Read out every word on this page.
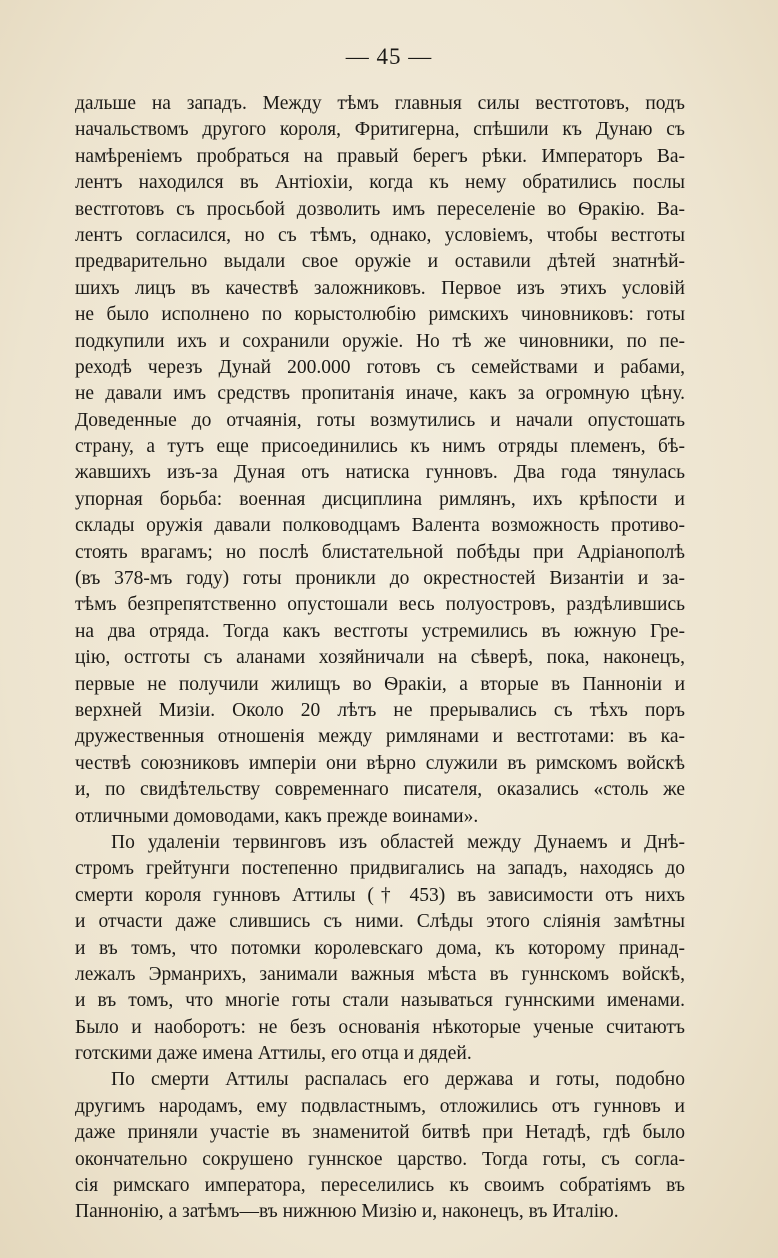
— 45 —
дальше на западъ. Между тѣмъ главныя силы вестготовъ, подъ
начальствомъ другого короля, Фритигерна, спѣшили къ Дунаю съ
намѣреніемъ пробраться на правый берегъ рѣки. Императоръ Ва-
лентъ находился въ Антіохіи, когда къ нему обратились послы
вестготовъ съ просьбой дозволить имъ переселеніе во Ѳракію. Ва-
лентъ согласился, но съ тѣмъ, однако, условіемъ, чтобы вестготы
предварительно выдали свое оружіе и оставили дѣтей знатнѣй-
шихъ лицъ въ качествѣ заложниковъ. Первое изъ этихъ условій
не было исполнено по корыстолюбію римскихъ чиновниковъ: готы
подкупили ихъ и сохранили оружіе. Но тѣ же чиновники, по пе-
реходѣ черезъ Дунай 200.000 готовъ съ семействами и рабами,
не давали имъ средствъ пропитанія иначе, какъ за огромную цѣну.
Доведенные до отчаянія, готы возмутились и начали опустошать
страну, а тутъ еще присоединились къ нимъ отряды племенъ, бѣ-
жавшихъ изъ-за Дуная отъ натиска гунновъ. Два года тянулась
упорная борьба: военная дисциплина римлянъ, ихъ крѣпости и
склады оружія давали полководцамъ Валента возможность противо-
стоять врагамъ; но послѣ блистательной побѣды при Адріанополѣ
(въ 378-мъ году) готы проникли до окрестностей Византіи и за-
тѣмъ безпрепятственно опустошали весь полуостровъ, раздѣлившись
на два отряда. Тогда какъ вестготы устремились въ южную Гре-
цію, остготы съ аланами хозяйничали на сѣверѣ, пока, наконецъ,
первые не получили жилищъ во Ѳракіи, а вторые въ Панноніи и
верхней Мизіи. Около 20 лѣтъ не прерывались съ тѣхъ поръ
дружественныя отношенія между римлянами и вестготами: въ ка-
чествѣ союзниковъ имперіи они вѣрно служили въ римскомъ войскѣ
и, по свидѣтельству современнаго писателя, оказались «столь же
отличными домоводами, какъ прежде воинами».
По удаленіи тервинговъ изъ областей между Дунаемъ и Днѣ-
стромъ грейтунги постепенно придвигались на западъ, находясь до
смерти короля гунновъ Аттилы († 453) въ зависимости отъ нихъ
и отчасти даже слившись съ ними. Слѣды этого сліянія замѣтны
и въ томъ, что потомки королевскаго дома, къ которому принад-
лежалъ Эрманрихъ, занимали важныя мѣста въ гуннскомъ войскѣ,
и въ томъ, что многіе готы стали называться гуннскими именами.
Было и наоборотъ: не безъ основанія нѣкоторые ученые считаютъ
готскими даже имена Аттилы, его отца и дядей.
По смерти Аттилы распалась его держава и готы, подобно
другимъ народамъ, ему подвластнымъ, отложились отъ гунновъ и
даже приняли участіе въ знаменитой битвѣ при Нетадѣ, гдѣ было
окончательно сокрушено гуннское царство. Тогда готы, съ согла-
сія римскаго императора, переселились къ своимъ собратіямъ въ
Паннонію, а затѣмъ—въ нижнюю Мизію и, наконецъ, въ Италію.
